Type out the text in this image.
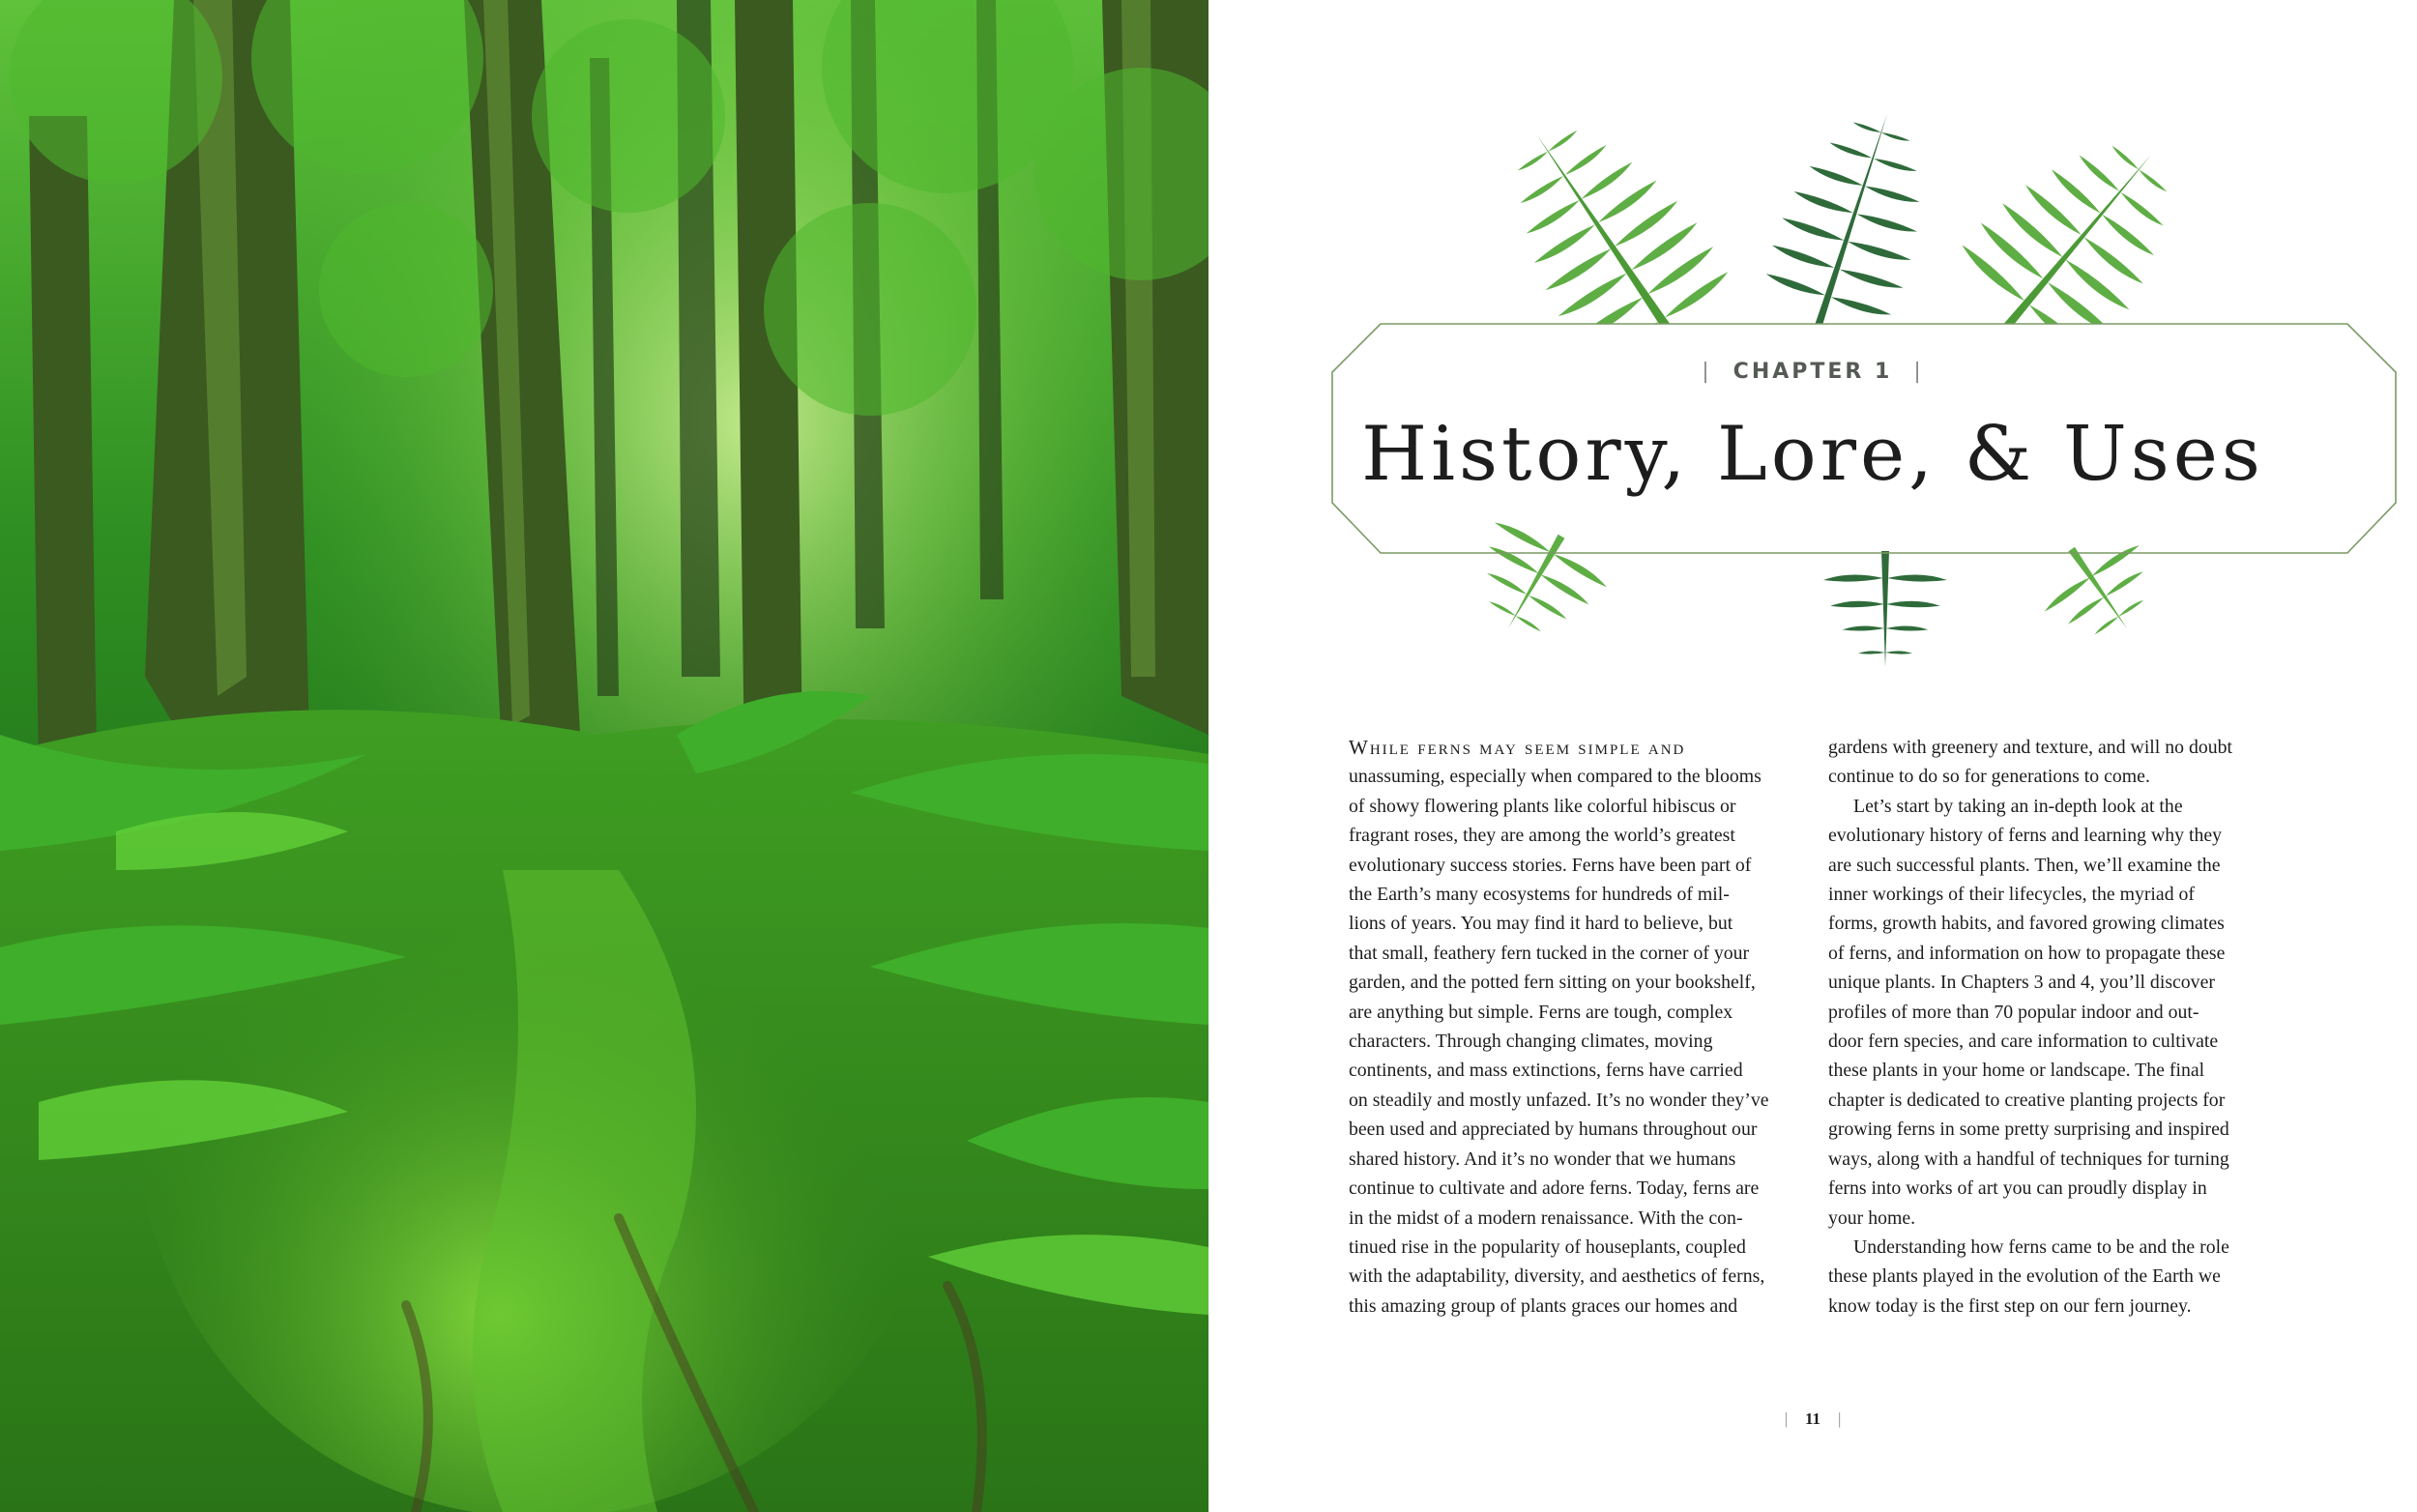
| CHAPTER 1 |
History, Lore, & Uses

While ferns may seem simple and
unassuming, especially when compared to the blooms
of showy flowering plants like colorful hibiscus or
fragrant roses, they are among the world’s greatest
evolutionary success stories. Ferns have been part of
the Earth’s many ecosystems for hundreds of mil-
lions of years. You may find it hard to believe, but
that small, feathery fern tucked in the corner of your
garden, and the potted fern sitting on your bookshelf,
are anything but simple. Ferns are tough, complex
characters. Through changing climates, moving
continents, and mass extinctions, ferns have carried
on steadily and mostly unfazed. It’s no wonder they’ve
been used and appreciated by humans throughout our
shared history. And it’s no wonder that we humans
continue to cultivate and adore ferns. Today, ferns are
in the midst of a modern renaissance. With the con-
tinued rise in the popularity of houseplants, coupled
with the adaptability, diversity, and aesthetics of ferns,
this amazing group of plants graces our homes and

gardens with greenery and texture, and will no doubt
continue to do so for generations to come.

Let’s start by taking an in-depth look at the
evolutionary history of ferns and learning why they
are such successful plants. Then, we’ll examine the
inner workings of their lifecycles, the myriad of
forms, growth habits, and favored growing climates
of ferns, and information on how to propagate these
unique plants. In Chapters 3 and 4, you’ll discover
profiles of more than 70 popular indoor and out-
door fern species, and care information to cultivate
these plants in your home or landscape. The final
chapter is dedicated to creative planting projects for
growing ferns in some pretty surprising and inspired
ways, along with a handful of techniques for turning
ferns into works of art you can proudly display in
your home.

Understanding how ferns came to be and the role
these plants played in the evolution of the Earth we
know today is the first step on our fern journey.

| 11 |
